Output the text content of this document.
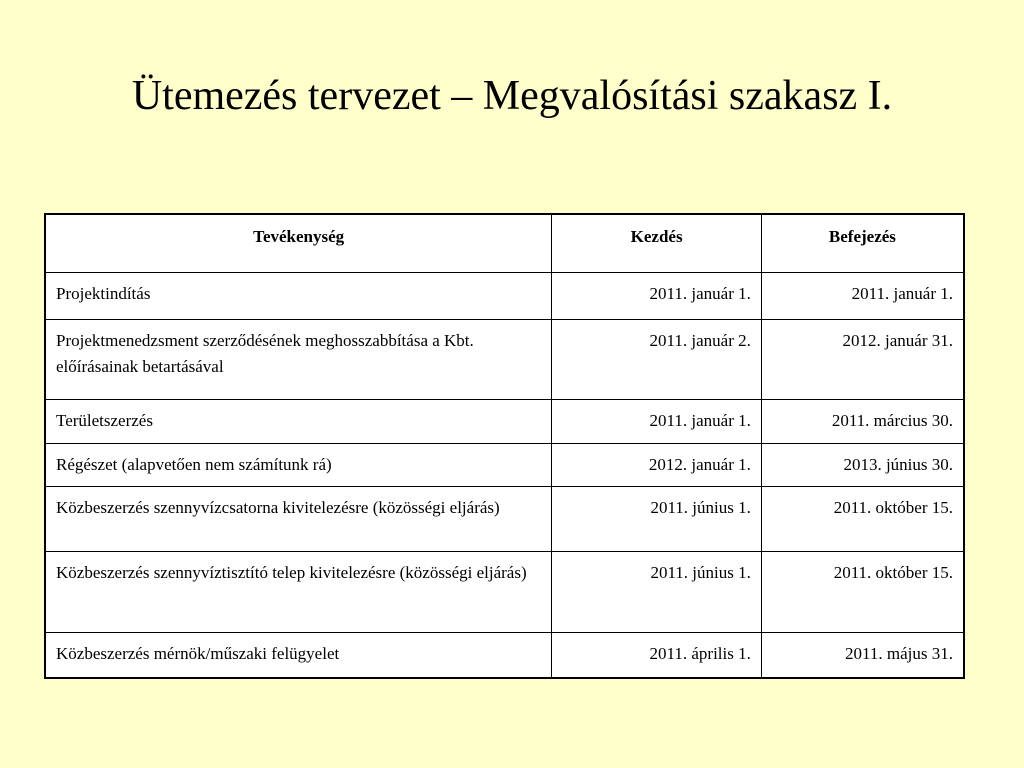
Ütemezés tervezet – Megvalósítási szakasz I.
Tevékenység	Kezdés	Befejezés
Projektindítás	2011. január 1.	2011. január 1.
Projektmenedzsment szerződésének meghosszabbítása a Kbt. előírásainak betartásával	2011. január 2.	2012. január 31.
Területszerzés	2011. január 1.	2011. március 30.
Régészet (alapvetően nem számítunk rá)	2012. január 1.	2013. június 30.
Közbeszerzés szennyvízcsatorna kivitelezésre (közösségi eljárás)	2011. június 1.	2011. október 15.
Közbeszerzés szennyvíztisztító telep kivitelezésre (közösségi eljárás)	2011. június 1.	2011. október 15.
Közbeszerzés mérnök/műszaki felügyelet	2011. április 1.	2011. május 31.
